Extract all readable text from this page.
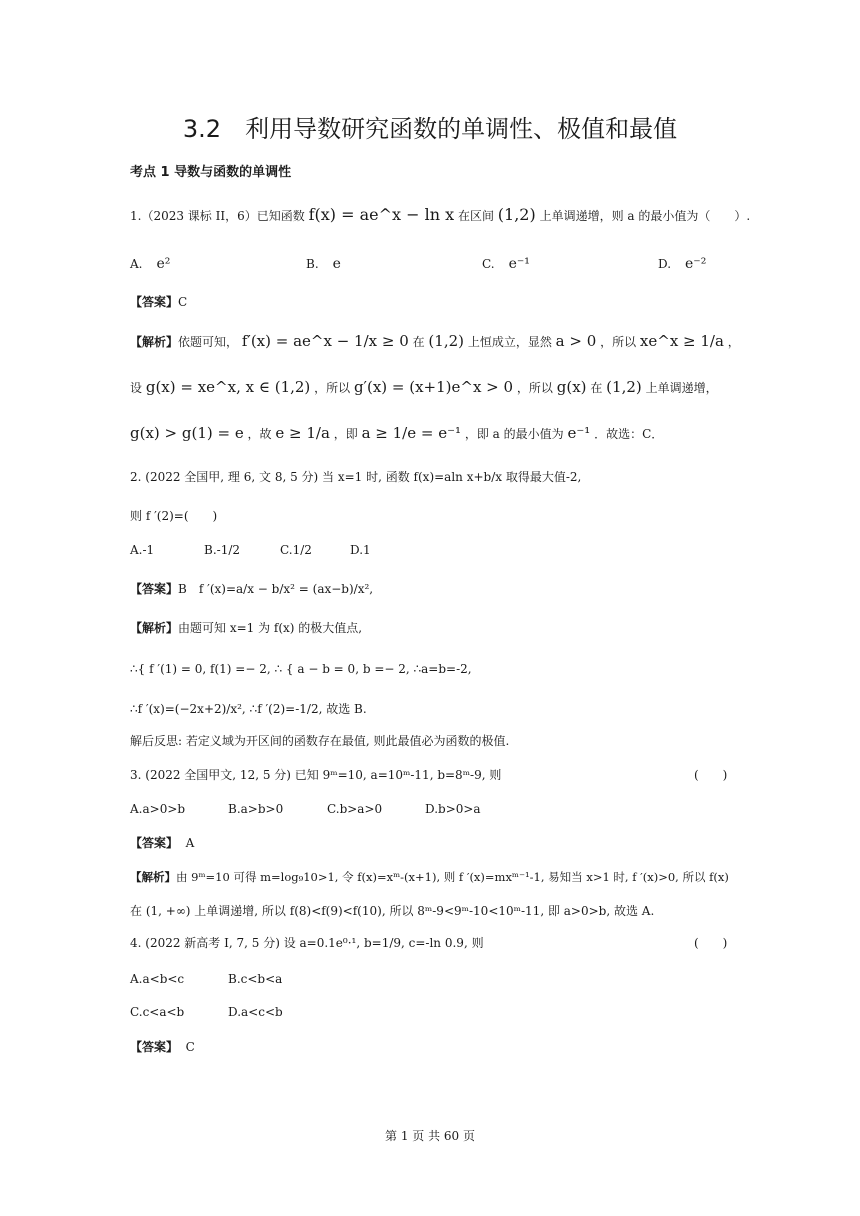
3.2　利用导数研究函数的单调性、极值和最值
考点 1 导数与函数的单调性
1.（2023 课标 II，6）已知函数 f(x) = ae^x − ln x 在区间 (1,2) 上单调递增，则 a 的最小值为（　　）.
A. e²	B. e	C. e⁻¹	D. e⁻²
【答案】C
【解析】依题可知， f′(x) = ae^x − 1/x ≥ 0 在 (1,2) 上恒成立，显然 a > 0 ，所以 xe^x ≥ 1/a ，
设 g(x) = xe^x, x ∈ (1,2) ，所以 g′(x) = (x+1)e^x > 0 ，所以 g(x) 在 (1,2) 上单调递增，
g(x) > g(1) = e ，故 e ≥ 1/a ，即 a ≥ 1/e = e⁻¹ ，即 a 的最小值为 e⁻¹ ．故选：C．
2. (2022 全国甲, 理 6, 文 8, 5 分) 当 x=1 时, 函数 f(x)=aln x+b/x 取得最大值-2,
则 f ′(2)=(　　)
A.-1	B.-1/2	C.1/2	D.1
【答案】B　f ′(x)=a/x − b/x² = (ax−b)/x²,
【解析】由题可知 x=1 为 f(x) 的极大值点,
∴{ f ′(1) = 0, f(1) =− 2, ∴ { a − b = 0, b =− 2, ∴a=b=-2,
∴f ′(x)=(−2x+2)/x², ∴f ′(2)=-1/2, 故选 B.
解后反思: 若定义域为开区间的函数存在最值, 则此最值必为函数的极值.
3. (2022 全国甲文, 12, 5 分) 已知 9ᵐ=10, a=10ᵐ-11, b=8ᵐ-9, 则	(　　)
A.a>0>b	B.a>b>0	C.b>a>0	D.b>0>a
【答案】 A
【解析】由 9ᵐ=10 可得 m=log₉10>1, 令 f(x)=xᵐ-(x+1), 则 f ′(x)=mxᵐ⁻¹-1, 易知当 x>1 时, f ′(x)>0, 所以 f(x)
在 (1, +∞) 上单调递增, 所以 f(8)<f(9)<f(10), 所以 8ᵐ-9<9ᵐ-10<10ᵐ-11, 即 a>0>b, 故选 A.
4. (2022 新高考 Ⅰ, 7, 5 分) 设 a=0.1e⁰·¹, b=1/9, c=-ln 0.9, 则	(　　)
A.a<b<c	B.c<b<a
C.c<a<b	D.a<c<b
【答案】 C
第 1 页 共 60 页
